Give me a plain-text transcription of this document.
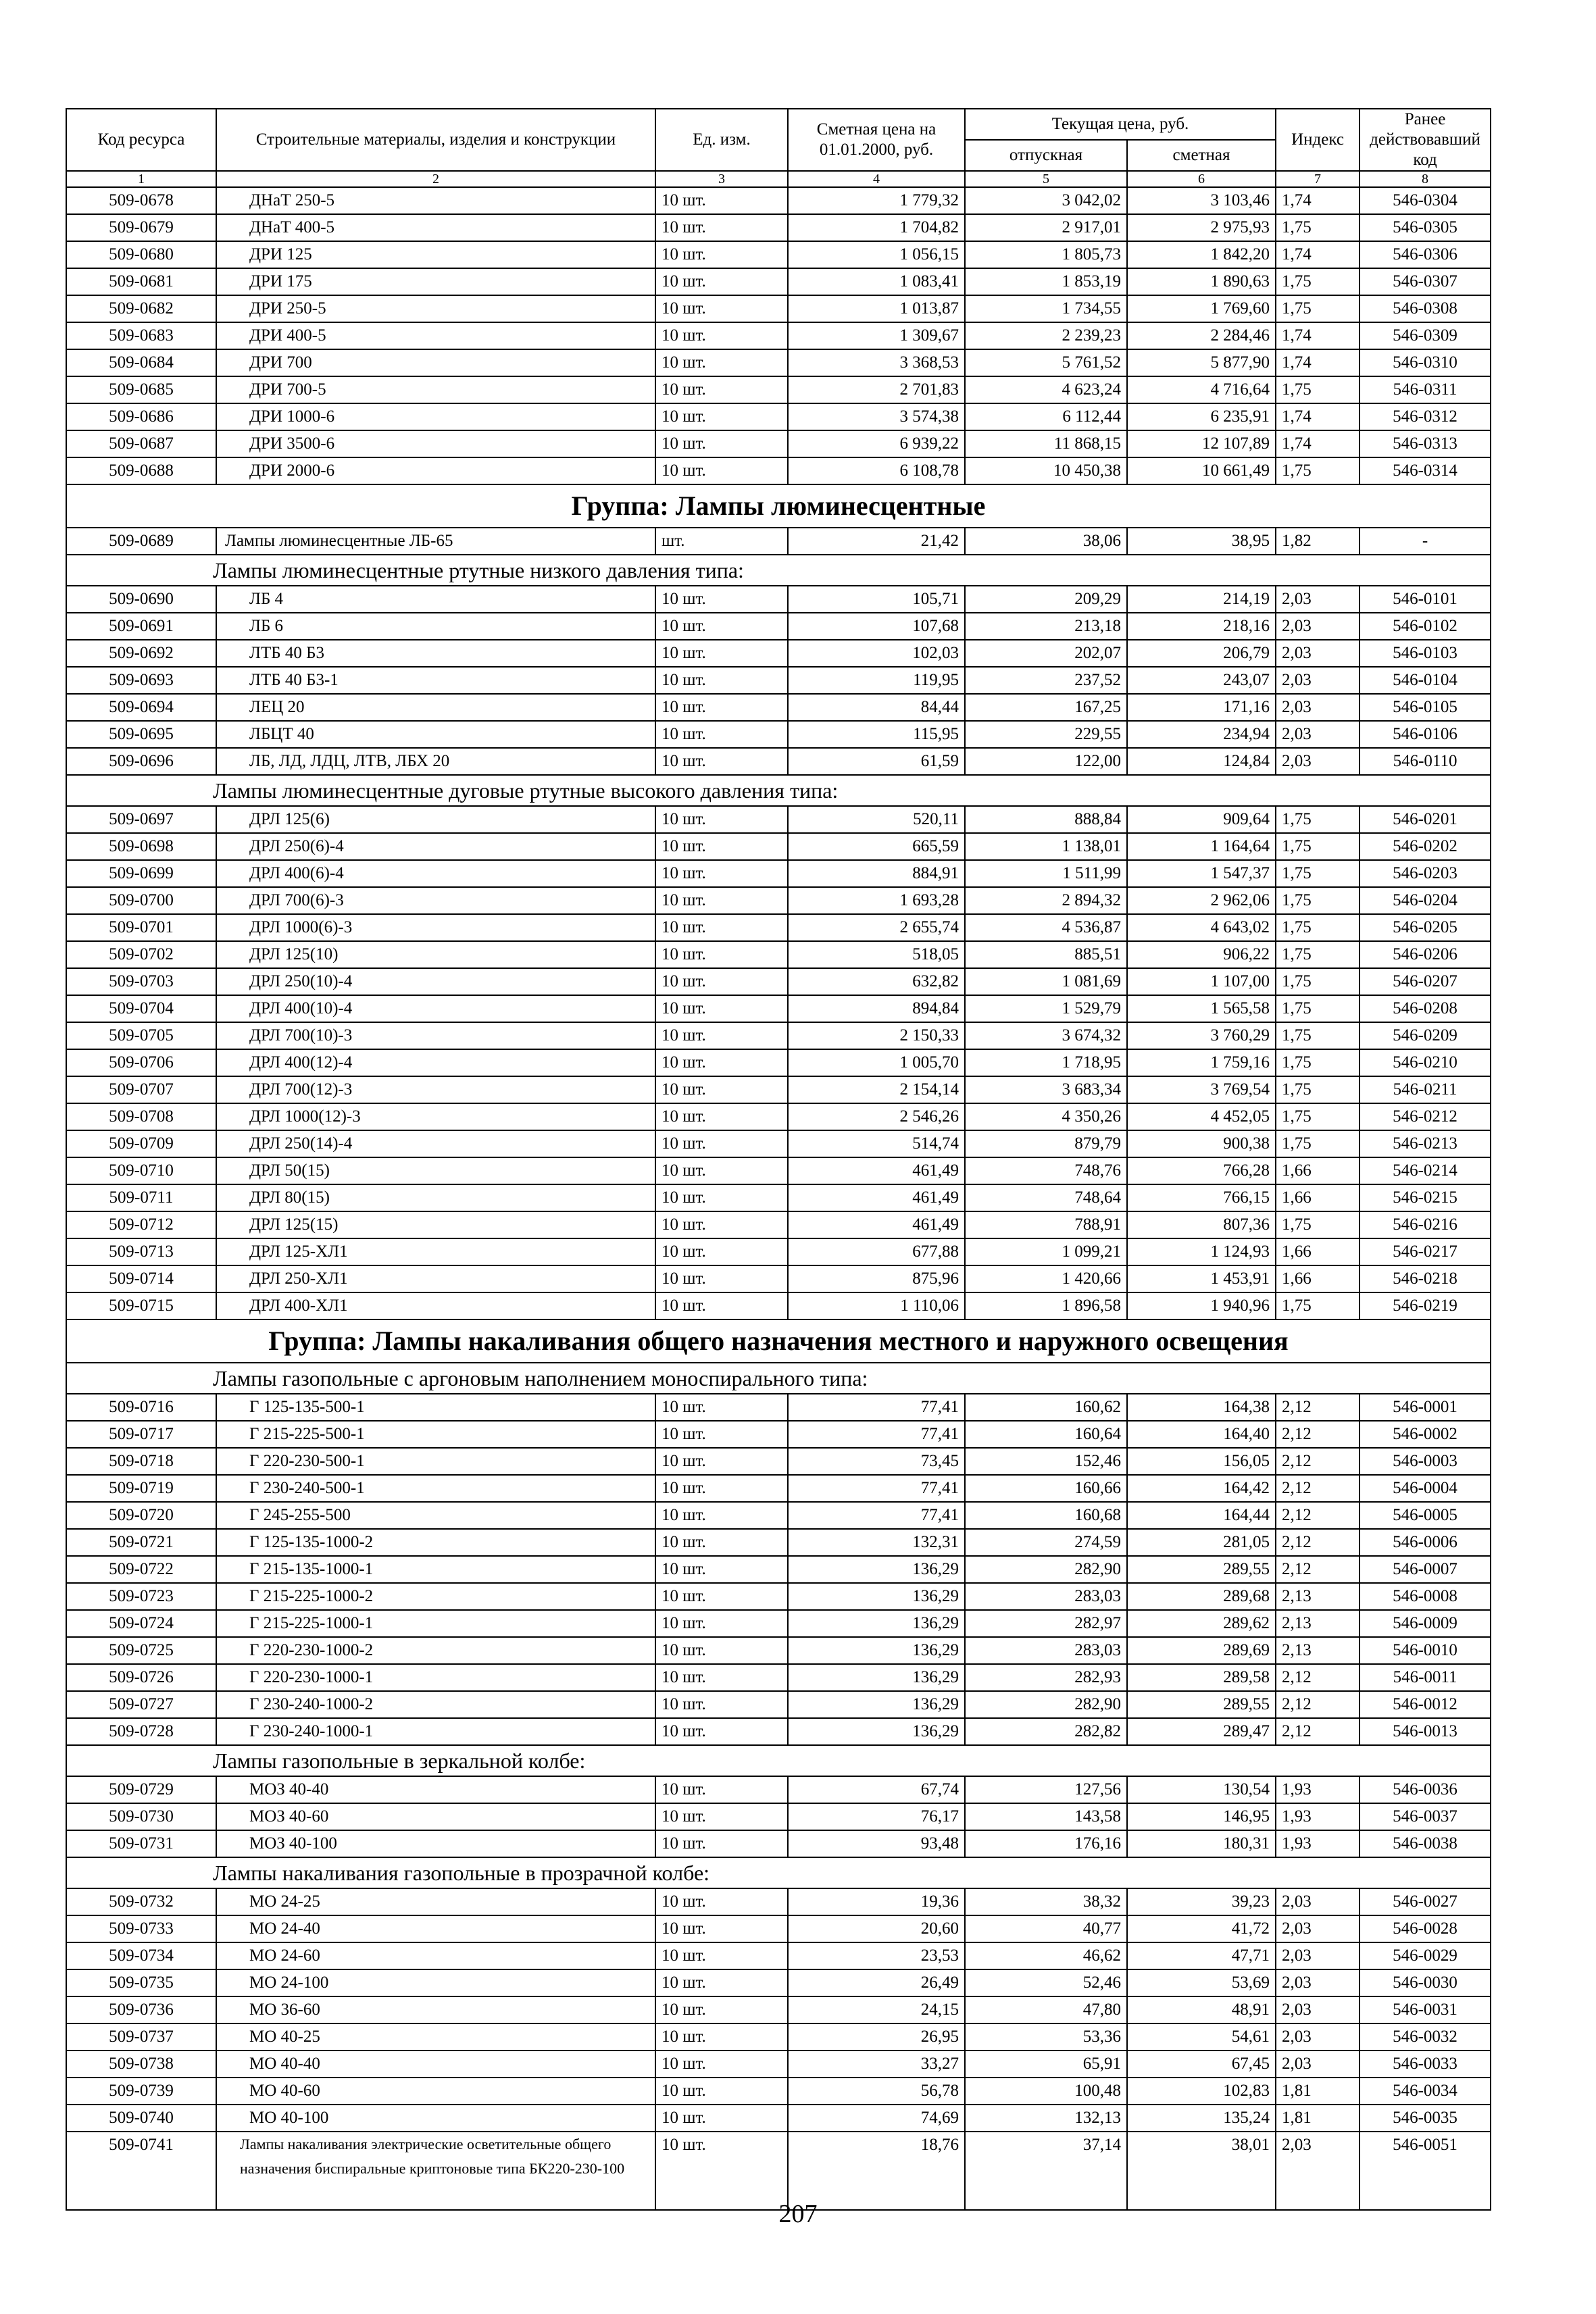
Код ресурса	Строительные материалы, изделия и конструкции	Ед. изм.	Сметная цена на 01.01.2000, руб.	Текущая цена, руб.		Индекс	Ранее действовавший код
				отпускная	сметная		
1	2	3	4	5	6	7	8
509-0678	ДНаТ 250-5	10 шт.	1 779,32	3 042,02	3 103,46	1,74	546-0304
509-0679	ДНаТ 400-5	10 шт.	1 704,82	2 917,01	2 975,93	1,75	546-0305
509-0680	ДРИ 125	10 шт.	1 056,15	1 805,73	1 842,20	1,74	546-0306
509-0681	ДРИ 175	10 шт.	1 083,41	1 853,19	1 890,63	1,75	546-0307
509-0682	ДРИ 250-5	10 шт.	1 013,87	1 734,55	1 769,60	1,75	546-0308
509-0683	ДРИ 400-5	10 шт.	1 309,67	2 239,23	2 284,46	1,74	546-0309
509-0684	ДРИ 700	10 шт.	3 368,53	5 761,52	5 877,90	1,74	546-0310
509-0685	ДРИ 700-5	10 шт.	2 701,83	4 623,24	4 716,64	1,75	546-0311
509-0686	ДРИ 1000-6	10 шт.	3 574,38	6 112,44	6 235,91	1,74	546-0312
509-0687	ДРИ 3500-6	10 шт.	6 939,22	11 868,15	12 107,89	1,74	546-0313
509-0688	ДРИ 2000-6	10 шт.	6 108,78	10 450,38	10 661,49	1,75	546-0314
Группа: Лампы люминесцентные							
509-0689	Лампы люминесцентные ЛБ-65	шт.	21,42	38,06	38,95	1,82	-
Лампы люминесцентные ртутные низкого давления типа:							
509-0690	ЛБ 4	10 шт.	105,71	209,29	214,19	2,03	546-0101
509-0691	ЛБ 6	10 шт.	107,68	213,18	218,16	2,03	546-0102
509-0692	ЛТБ 40 Б3	10 шт.	102,03	202,07	206,79	2,03	546-0103
509-0693	ЛТБ 40 Б3-1	10 шт.	119,95	237,52	243,07	2,03	546-0104
509-0694	ЛЕЦ 20	10 шт.	84,44	167,25	171,16	2,03	546-0105
509-0695	ЛБЦТ 40	10 шт.	115,95	229,55	234,94	2,03	546-0106
509-0696	ЛБ, ЛД, ЛДЦ, ЛТВ, ЛБХ 20	10 шт.	61,59	122,00	124,84	2,03	546-0110
Лампы люминесцентные дуговые ртутные высокого давления типа:							
509-0697	ДРЛ 125(6)	10 шт.	520,11	888,84	909,64	1,75	546-0201
509-0698	ДРЛ 250(6)-4	10 шт.	665,59	1 138,01	1 164,64	1,75	546-0202
509-0699	ДРЛ 400(6)-4	10 шт.	884,91	1 511,99	1 547,37	1,75	546-0203
509-0700	ДРЛ 700(6)-3	10 шт.	1 693,28	2 894,32	2 962,06	1,75	546-0204
509-0701	ДРЛ 1000(6)-3	10 шт.	2 655,74	4 536,87	4 643,02	1,75	546-0205
509-0702	ДРЛ 125(10)	10 шт.	518,05	885,51	906,22	1,75	546-0206
509-0703	ДРЛ 250(10)-4	10 шт.	632,82	1 081,69	1 107,00	1,75	546-0207
509-0704	ДРЛ 400(10)-4	10 шт.	894,84	1 529,79	1 565,58	1,75	546-0208
509-0705	ДРЛ 700(10)-3	10 шт.	2 150,33	3 674,32	3 760,29	1,75	546-0209
509-0706	ДРЛ 400(12)-4	10 шт.	1 005,70	1 718,95	1 759,16	1,75	546-0210
509-0707	ДРЛ 700(12)-3	10 шт.	2 154,14	3 683,34	3 769,54	1,75	546-0211
509-0708	ДРЛ 1000(12)-3	10 шт.	2 546,26	4 350,26	4 452,05	1,75	546-0212
509-0709	ДРЛ 250(14)-4	10 шт.	514,74	879,79	900,38	1,75	546-0213
509-0710	ДРЛ 50(15)	10 шт.	461,49	748,76	766,28	1,66	546-0214
509-0711	ДРЛ 80(15)	10 шт.	461,49	748,64	766,15	1,66	546-0215
509-0712	ДРЛ 125(15)	10 шт.	461,49	788,91	807,36	1,75	546-0216
509-0713	ДРЛ 125-ХЛ1	10 шт.	677,88	1 099,21	1 124,93	1,66	546-0217
509-0714	ДРЛ 250-ХЛ1	10 шт.	875,96	1 420,66	1 453,91	1,66	546-0218
509-0715	ДРЛ 400-ХЛ1	10 шт.	1 110,06	1 896,58	1 940,96	1,75	546-0219
Группа: Лампы накаливания общего назначения местного и наружного освещения							
Лампы газопольные с аргоновым наполнением моноспирального типа:							
509-0716	Г 125-135-500-1	10 шт.	77,41	160,62	164,38	2,12	546-0001
509-0717	Г 215-225-500-1	10 шт.	77,41	160,64	164,40	2,12	546-0002
509-0718	Г 220-230-500-1	10 шт.	73,45	152,46	156,05	2,12	546-0003
509-0719	Г 230-240-500-1	10 шт.	77,41	160,66	164,42	2,12	546-0004
509-0720	Г 245-255-500	10 шт.	77,41	160,68	164,44	2,12	546-0005
509-0721	Г 125-135-1000-2	10 шт.	132,31	274,59	281,05	2,12	546-0006
509-0722	Г 215-135-1000-1	10 шт.	136,29	282,90	289,55	2,12	546-0007
509-0723	Г 215-225-1000-2	10 шт.	136,29	283,03	289,68	2,13	546-0008
509-0724	Г 215-225-1000-1	10 шт.	136,29	282,97	289,62	2,13	546-0009
509-0725	Г 220-230-1000-2	10 шт.	136,29	283,03	289,69	2,13	546-0010
509-0726	Г 220-230-1000-1	10 шт.	136,29	282,93	289,58	2,12	546-0011
509-0727	Г 230-240-1000-2	10 шт.	136,29	282,90	289,55	2,12	546-0012
509-0728	Г 230-240-1000-1	10 шт.	136,29	282,82	289,47	2,12	546-0013
Лампы газопольные в зеркальной колбе:							
509-0729	МОЗ 40-40	10 шт.	67,74	127,56	130,54	1,93	546-0036
509-0730	МОЗ 40-60	10 шт.	76,17	143,58	146,95	1,93	546-0037
509-0731	МОЗ 40-100	10 шт.	93,48	176,16	180,31	1,93	546-0038
Лампы накаливания газопольные в прозрачной колбе:							
509-0732	МО 24-25	10 шт.	19,36	38,32	39,23	2,03	546-0027
509-0733	МО 24-40	10 шт.	20,60	40,77	41,72	2,03	546-0028
509-0734	МО 24-60	10 шт.	23,53	46,62	47,71	2,03	546-0029
509-0735	МО 24-100	10 шт.	26,49	52,46	53,69	2,03	546-0030
509-0736	МО 36-60	10 шт.	24,15	47,80	48,91	2,03	546-0031
509-0737	МО 40-25	10 шт.	26,95	53,36	54,61	2,03	546-0032
509-0738	МО 40-40	10 шт.	33,27	65,91	67,45	2,03	546-0033
509-0739	МО 40-60	10 шт.	56,78	100,48	102,83	1,81	546-0034
509-0740	МО 40-100	10 шт.	74,69	132,13	135,24	1,81	546-0035
509-0741	Лампы накаливания электрические осветительные общего назначения биспиральные криптоновые типа БК220-230-100	10 шт.	18,76	37,14	38,01	2,03	546-0051
207
